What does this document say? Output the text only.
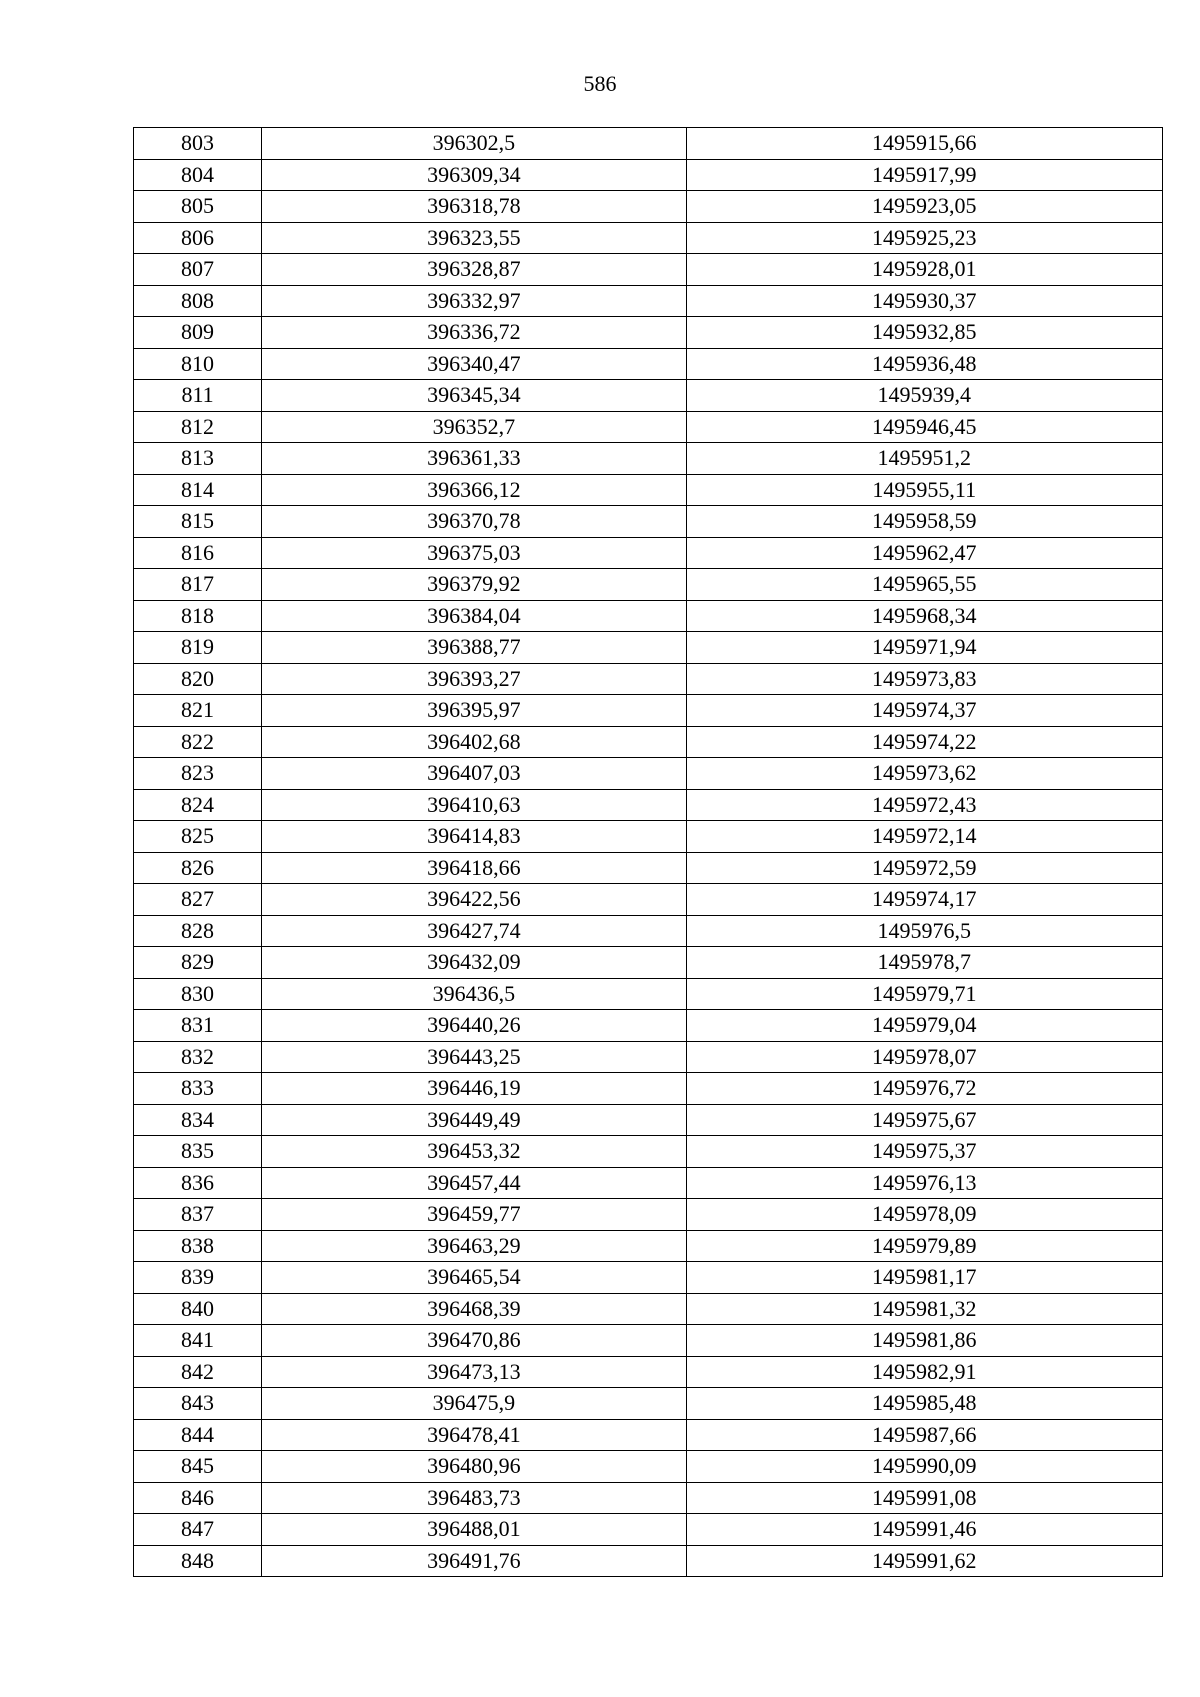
586
803	396302,5	1495915,66
804	396309,34	1495917,99
805	396318,78	1495923,05
806	396323,55	1495925,23
807	396328,87	1495928,01
808	396332,97	1495930,37
809	396336,72	1495932,85
810	396340,47	1495936,48
811	396345,34	1495939,4
812	396352,7	1495946,45
813	396361,33	1495951,2
814	396366,12	1495955,11
815	396370,78	1495958,59
816	396375,03	1495962,47
817	396379,92	1495965,55
818	396384,04	1495968,34
819	396388,77	1495971,94
820	396393,27	1495973,83
821	396395,97	1495974,37
822	396402,68	1495974,22
823	396407,03	1495973,62
824	396410,63	1495972,43
825	396414,83	1495972,14
826	396418,66	1495972,59
827	396422,56	1495974,17
828	396427,74	1495976,5
829	396432,09	1495978,7
830	396436,5	1495979,71
831	396440,26	1495979,04
832	396443,25	1495978,07
833	396446,19	1495976,72
834	396449,49	1495975,67
835	396453,32	1495975,37
836	396457,44	1495976,13
837	396459,77	1495978,09
838	396463,29	1495979,89
839	396465,54	1495981,17
840	396468,39	1495981,32
841	396470,86	1495981,86
842	396473,13	1495982,91
843	396475,9	1495985,48
844	396478,41	1495987,66
845	396480,96	1495990,09
846	396483,73	1495991,08
847	396488,01	1495991,46
848	396491,76	1495991,62
